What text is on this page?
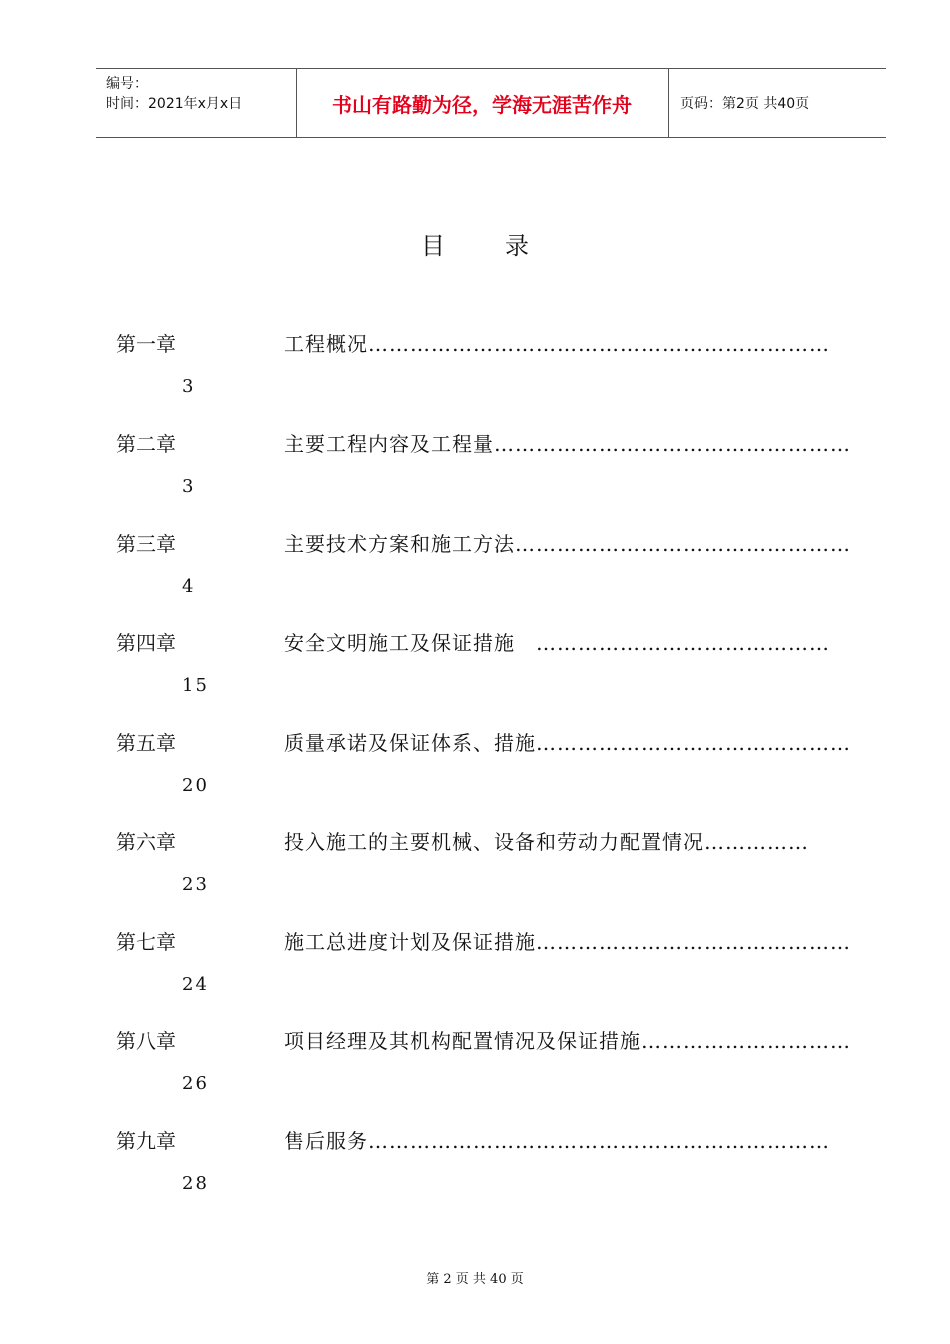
编号：
时间：2021年x月x日	书山有路勤为径，学海无涯苦作舟	页码：第2页 共40页
目录
第一章	工程概况…………………………………………………………
3
第二章	主要工程内容及工程量……………………………………………
3
第三章	主要技术方案和施工方法…………………………………………
4
第四章	安全文明施工及保证措施　……………………………………
15
第五章	质量承诺及保证体系、措施………………………………………
20
第六章	投入施工的主要机械、设备和劳动力配置情况……………
23
第七章	施工总进度计划及保证措施………………………………………
24
第八章	项目经理及其机构配置情况及保证措施…………………………
26
第九章	售后服务…………………………………………………………
28
第 2 页 共 40 页
